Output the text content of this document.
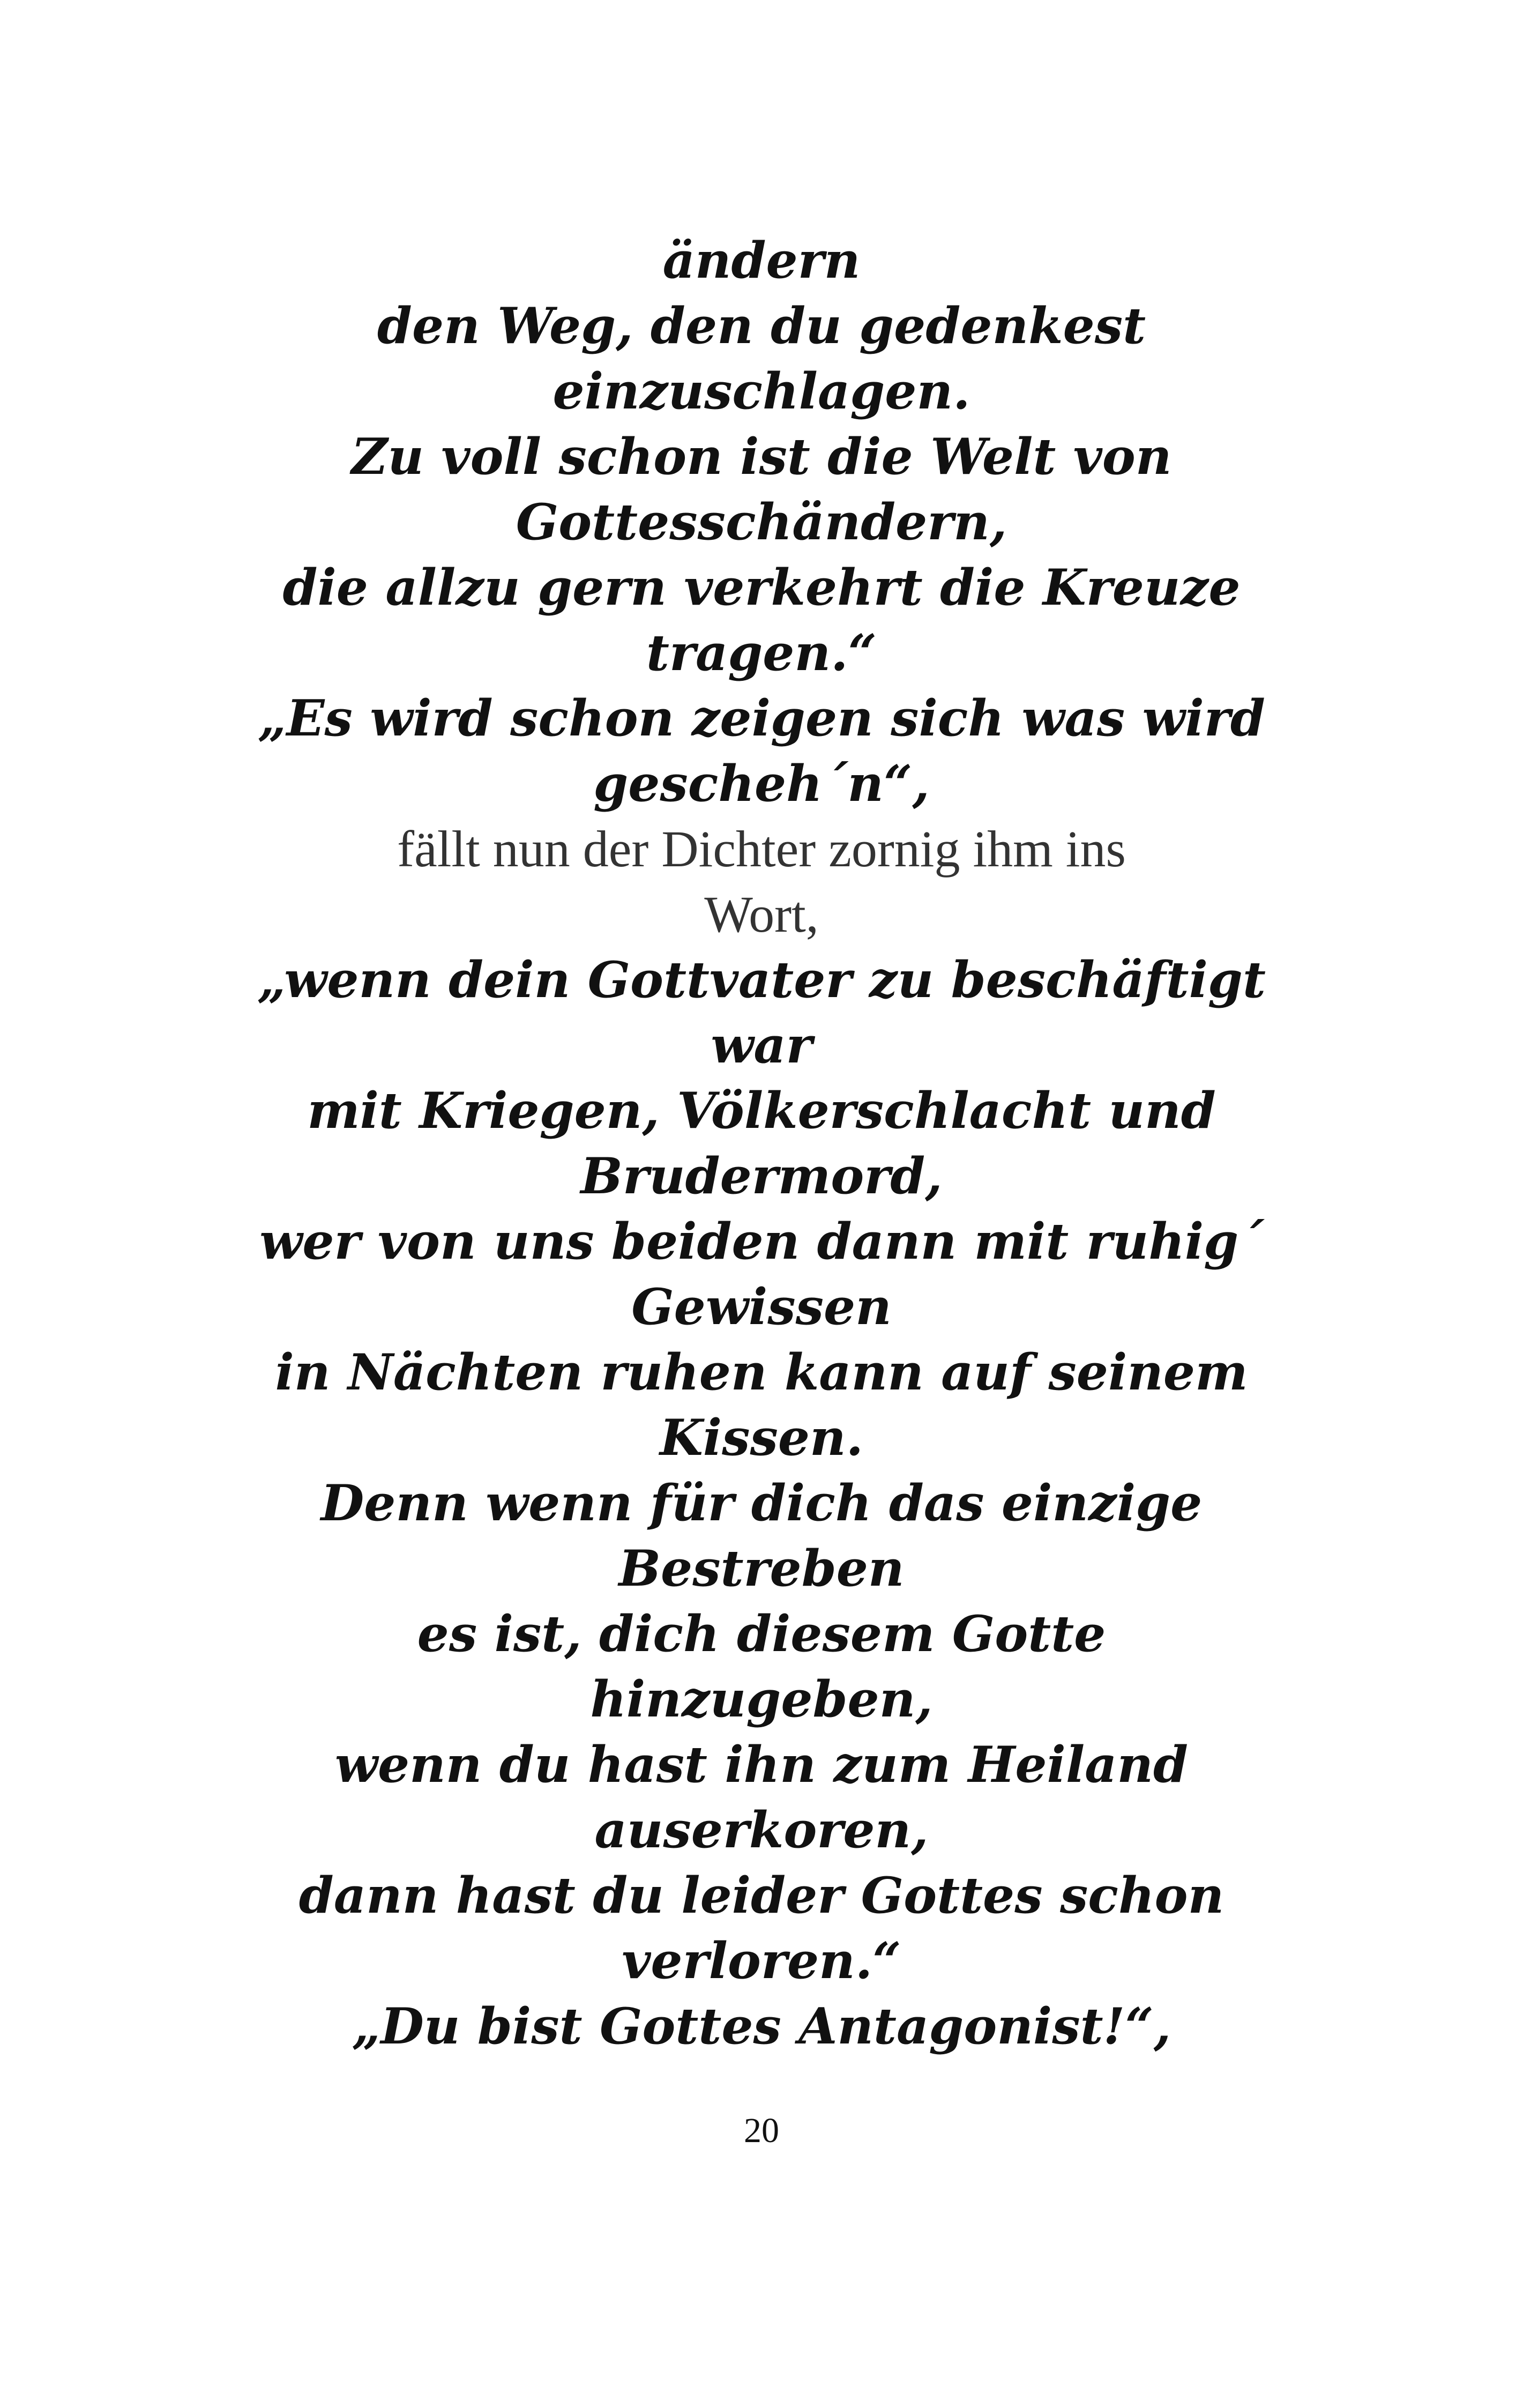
ändern
den Weg, den du gedenkest
einzuschlagen.
Zu voll schon ist die Welt von
Gottesschändern,
die allzu gern verkehrt die Kreuze
tragen.“
„Es wird schon zeigen sich was wird
gescheh´n“,
fällt nun der Dichter zornig ihm ins
Wort,
„wenn dein Gottvater zu beschäftigt
war
mit Kriegen, Völkerschlacht und
Brudermord,
wer von uns beiden dann mit ruhig´
Gewissen
in Nächten ruhen kann auf seinem
Kissen.
Denn wenn für dich das einzige
Bestreben
es ist, dich diesem Gotte
hinzugeben,
wenn du hast ihn zum Heiland
auserkoren,
dann hast du leider Gottes schon
verloren.“
„Du bist Gottes Antagonist!“,
20
